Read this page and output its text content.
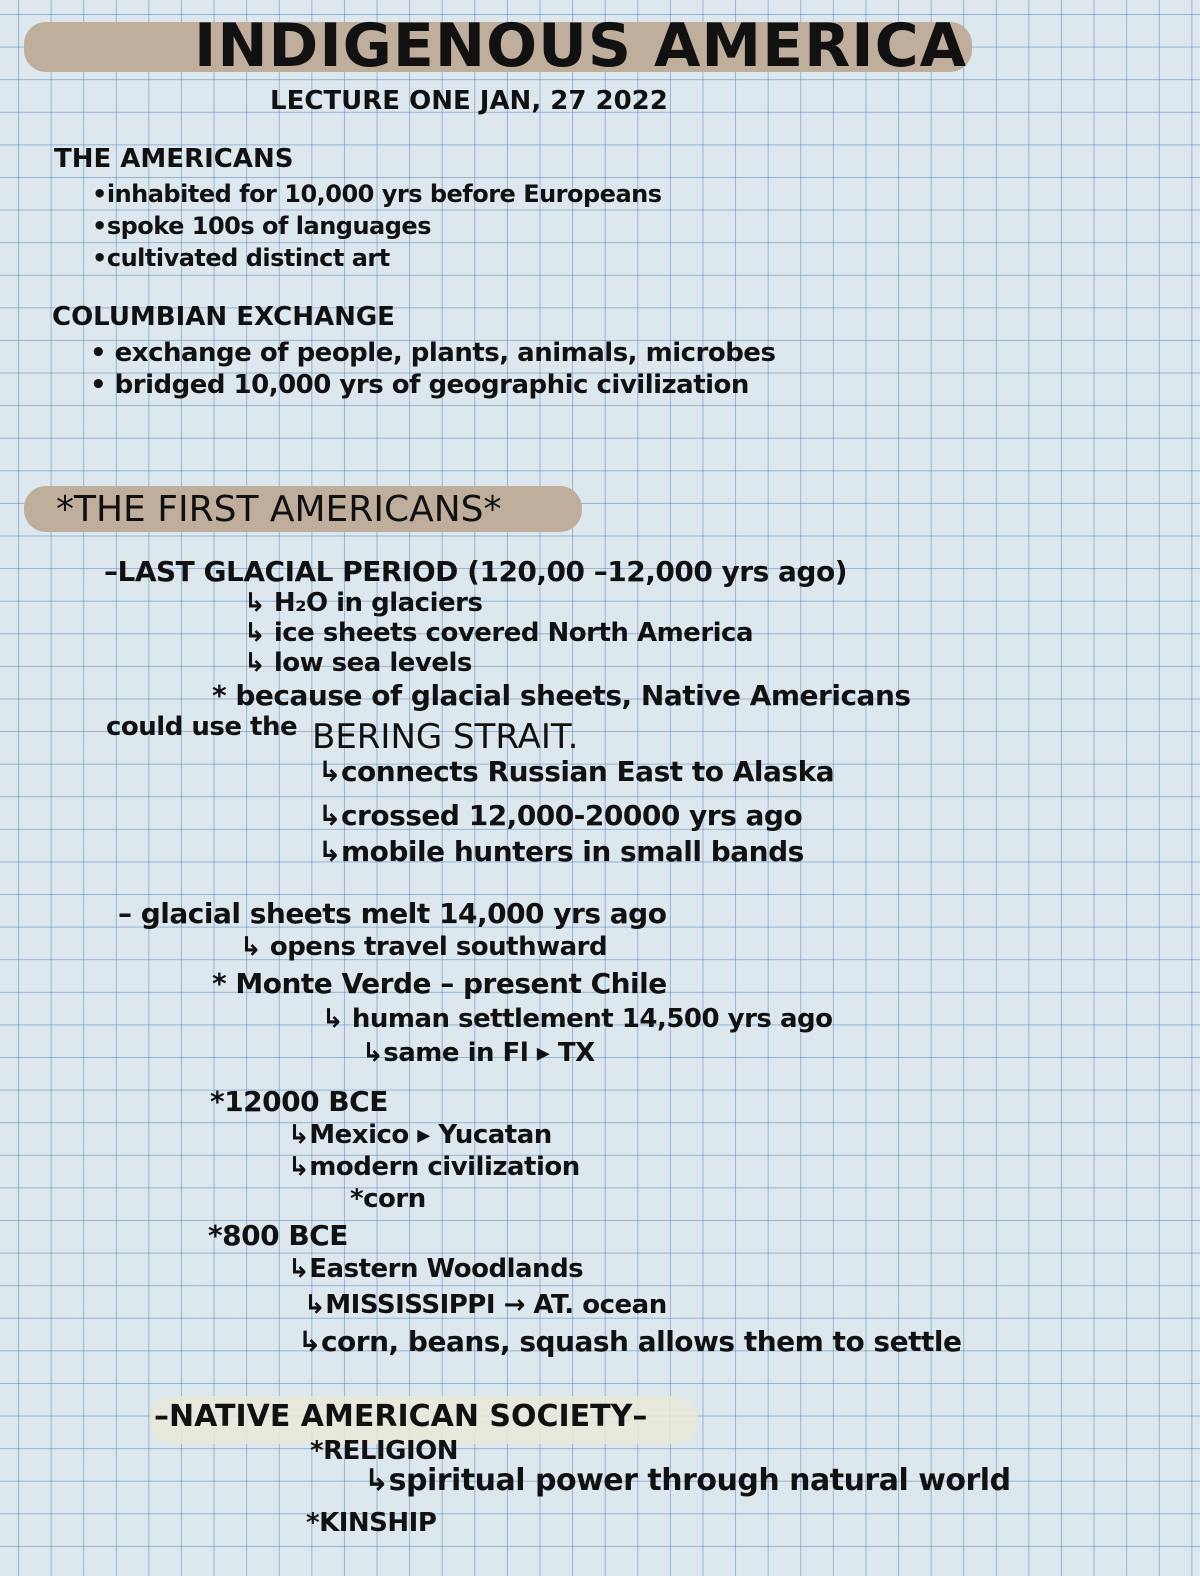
INDIGENOUS AMERICA
LECTURE ONE JAN, 27 2022
THE AMERICANS
•inhabited for 10,000 yrs before Europeans
•spoke 100s of languages
•cultivated distinct art
COLUMBIAN EXCHANGE
• exchange of people, plants, animals, microbes
• bridged 10,000 yrs of geographic civilization
*THE FIRST AMERICANS*
–LAST GLACIAL PERIOD (120,00 –12,000 yrs ago)
↳ H₂O in glaciers
↳ ice sheets covered North America
↳ low sea levels
* because of glacial sheets, Native Americans
could use the BERING STRAIT.
↳connects Russian East to Alaska
↳crossed 12,000-20000 yrs ago
↳mobile hunters in small bands
– glacial sheets melt 14,000 yrs ago
↳ opens travel southward
* Monte Verde – present Chile
↳ human settlement 14,500 yrs ago
↳same in Fl ▸ TX
*12000 BCE
↳Mexico ▸ Yucatan
↳modern civilization
*corn
*800 BCE
↳Eastern Woodlands
↳MISSISSIPPI → AT. ocean
↳corn, beans, squash allows them to settle
–NATIVE AMERICAN SOCIETY–
*RELIGION
↳spiritual power through natural world
*KINSHIP
